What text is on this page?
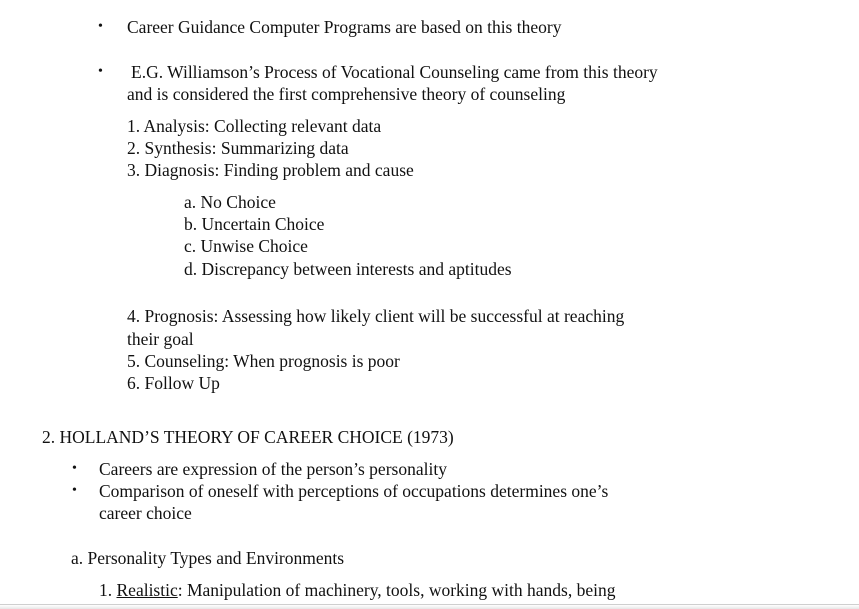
• Career Guidance Computer Programs are based on this theory
• E.G. Williamson’s Process of Vocational Counseling came from this theory
and is considered the first comprehensive theory of counseling
1. Analysis: Collecting relevant data
2. Synthesis: Summarizing data
3. Diagnosis: Finding problem and cause
a. No Choice
b. Uncertain Choice
c. Unwise Choice
d. Discrepancy between interests and aptitudes
4. Prognosis: Assessing how likely client will be successful at reaching
their goal
5. Counseling: When prognosis is poor
6. Follow Up
2. HOLLAND’S THEORY OF CAREER CHOICE (1973)
• Careers are expression of the person’s personality
• Comparison of oneself with perceptions of occupations determines one’s
career choice
a. Personality Types and Environments
1. Realistic: Manipulation of machinery, tools, working with hands, being
